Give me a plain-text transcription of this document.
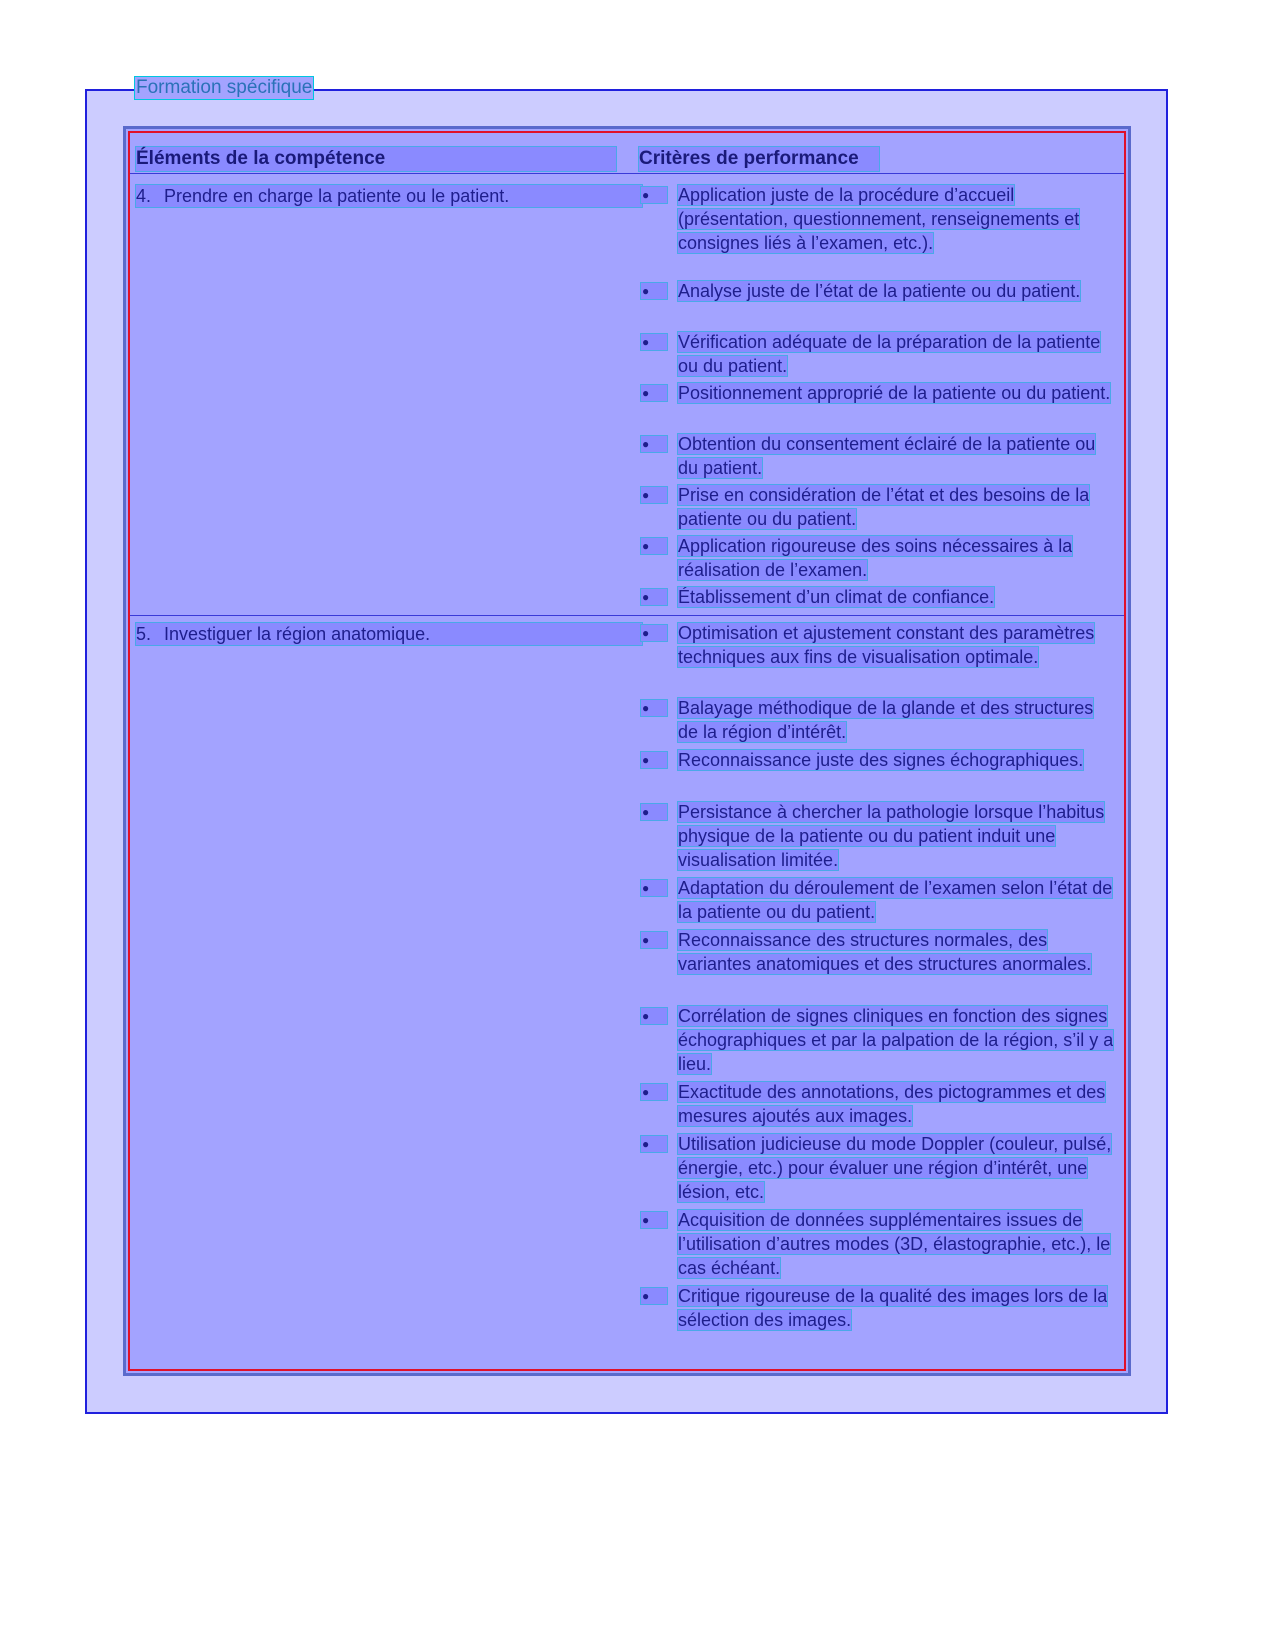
Formation spécifique
Éléments de la compétence	Critères de performance
4. Prendre en charge la patiente ou le patient.	●	Application juste de la procédure d’accueil (présentation, questionnement, renseignements et consignes liés à l’examen, etc.).
●	Analyse juste de l’état de la patiente ou du patient.
●	Vérification adéquate de la préparation de la patiente ou du patient.
●	Positionnement approprié de la patiente ou du patient.
●	Obtention du consentement éclairé de la patiente ou du patient.
●	Prise en considération de l’état et des besoins de la patiente ou du patient.
●	Application rigoureuse des soins nécessaires à la réalisation de l’examen.
●	Établissement d’un climat de confiance.
5. Investiguer la région anatomique.	●	Optimisation et ajustement constant des paramètres techniques aux fins de visualisation optimale.
●	Balayage méthodique de la glande et des structures de la région d’intérêt.
●	Reconnaissance juste des signes échographiques.
●	Persistance à chercher la pathologie lorsque l’habitus physique de la patiente ou du patient induit une visualisation limitée.
●	Adaptation du déroulement de l’examen selon l’état de la patiente ou du patient.
●	Reconnaissance des structures normales, des variantes anatomiques et des structures anormales.
●	Corrélation de signes cliniques en fonction des signes échographiques et par la palpation de la région, s’il y a lieu.
●	Exactitude des annotations, des pictogrammes et des mesures ajoutés aux images.
●	Utilisation judicieuse du mode Doppler (couleur, pulsé, énergie, etc.) pour évaluer une région d’intérêt, une lésion, etc.
●	Acquisition de données supplémentaires issues de l’utilisation d’autres modes (3D, élastographie, etc.), le cas échéant.
●	Critique rigoureuse de la qualité des images lors de la sélection des images.
